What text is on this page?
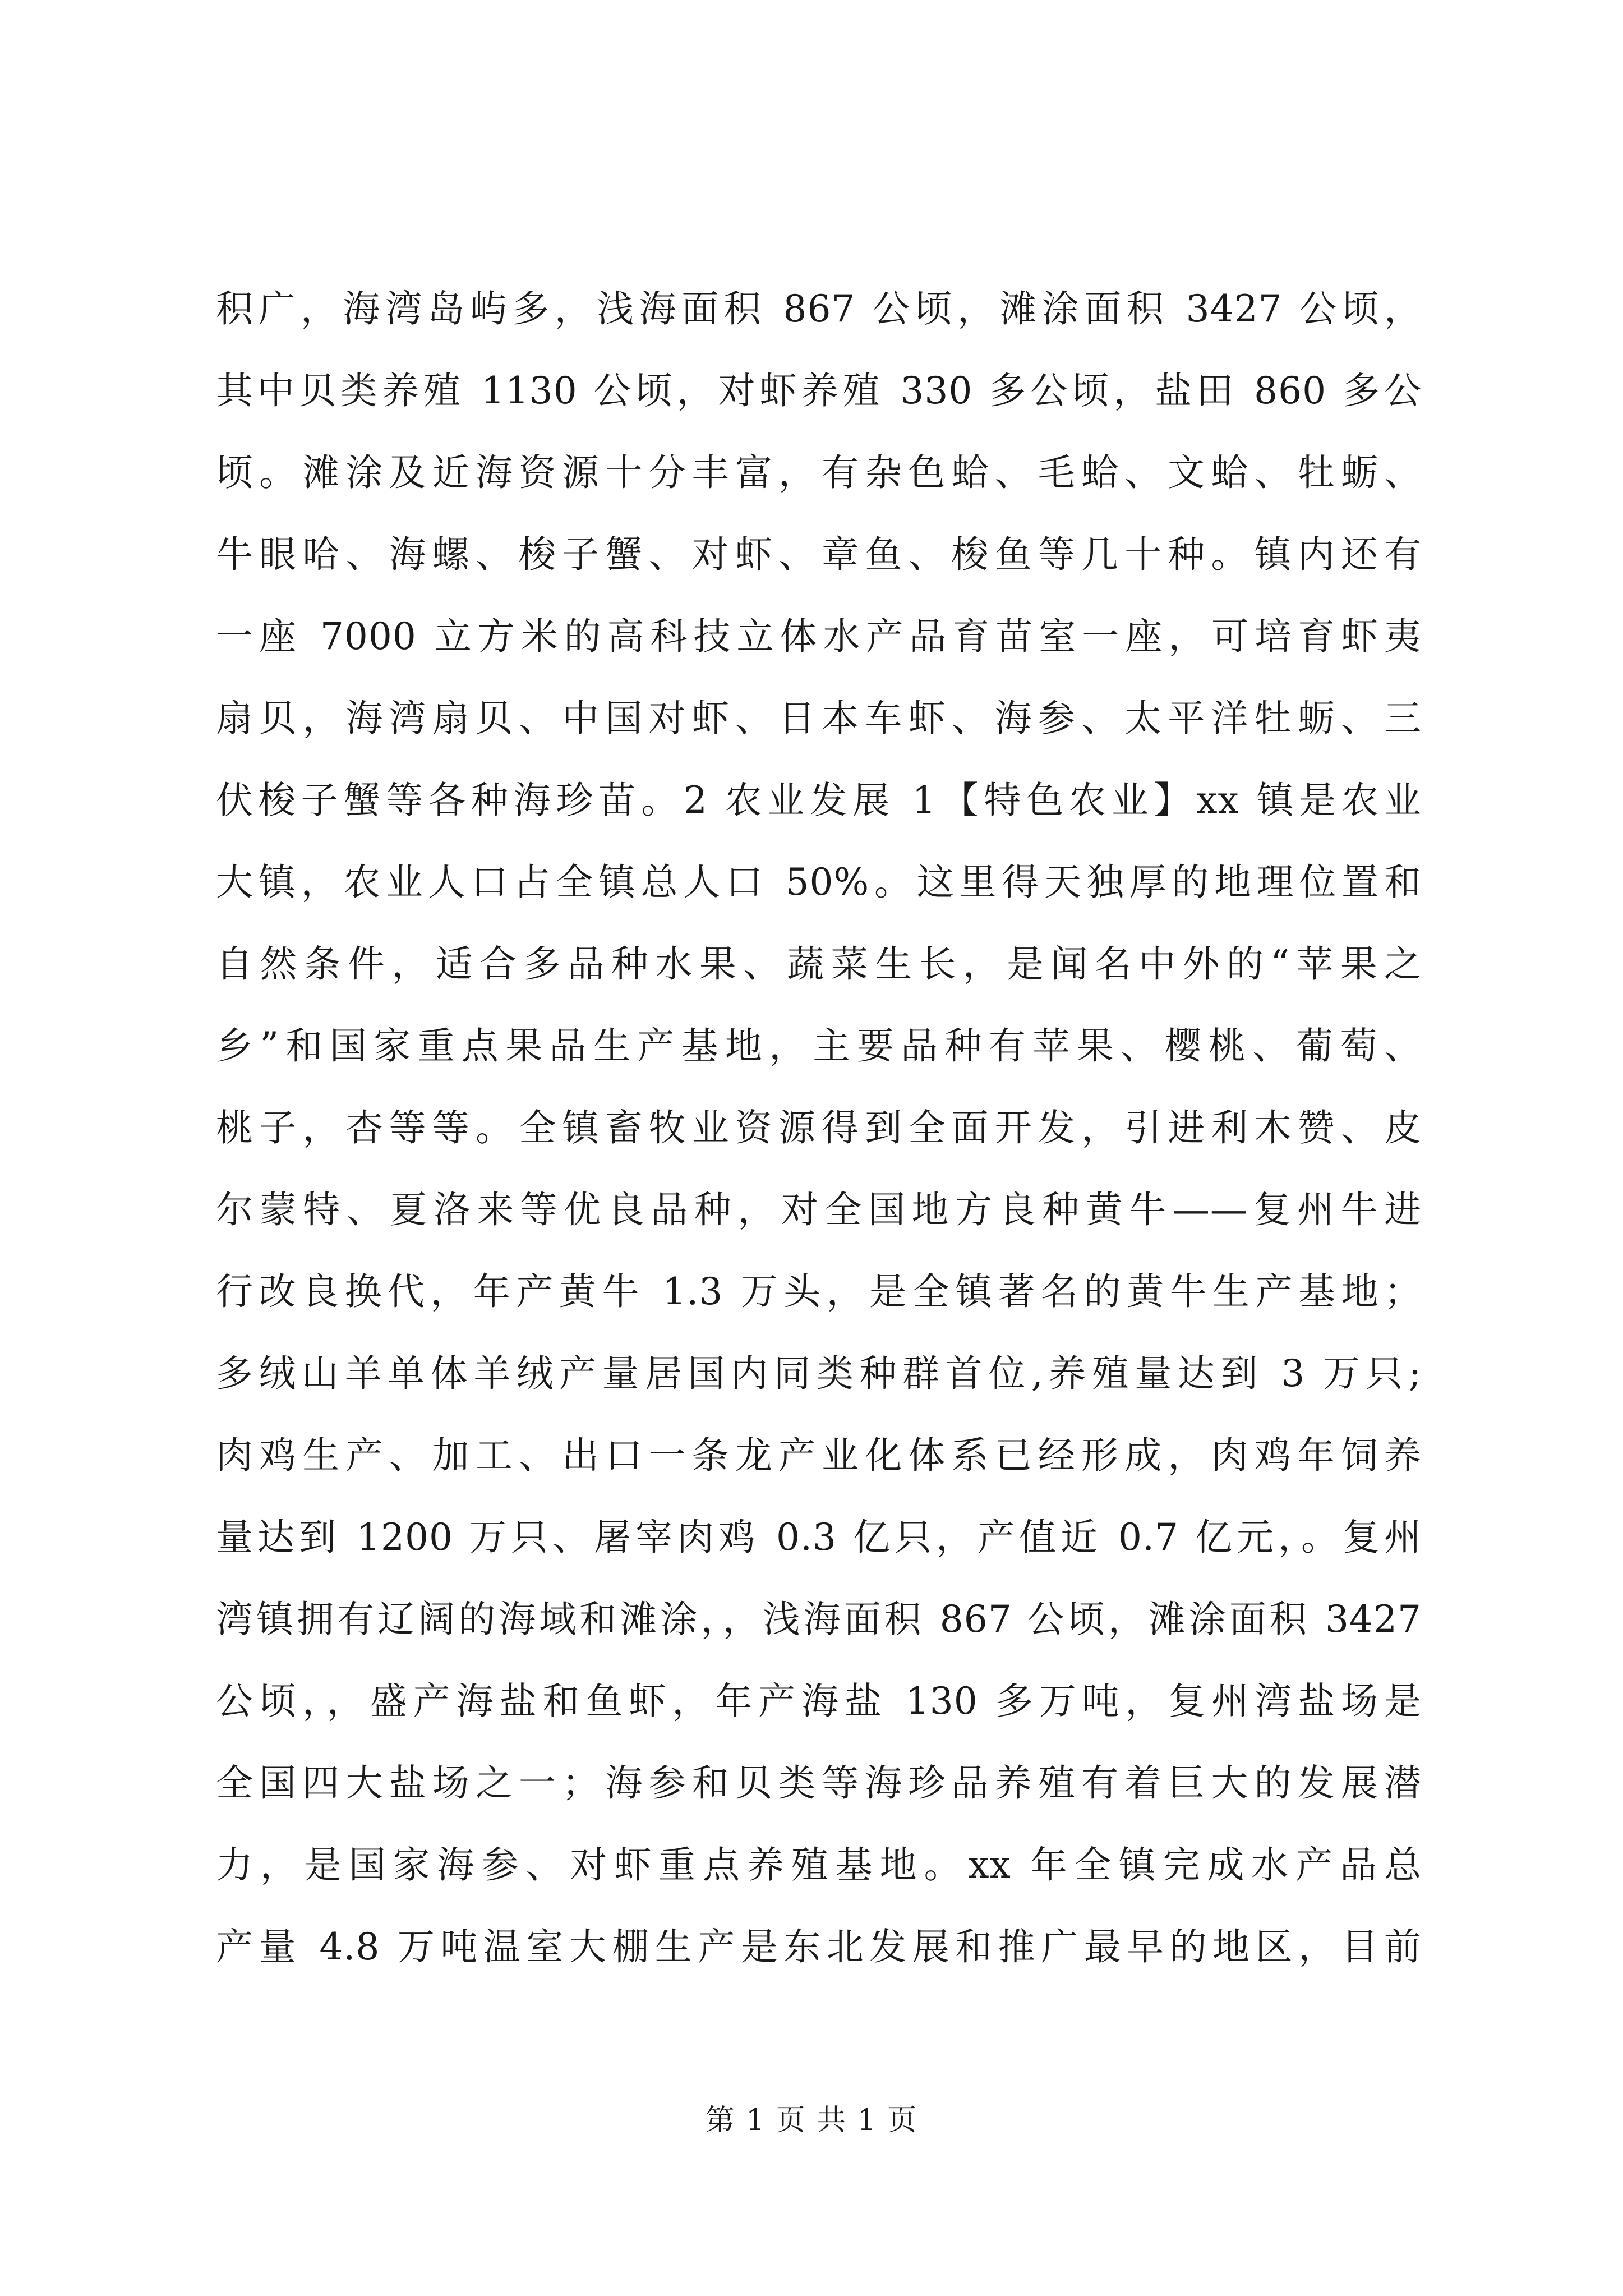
积广，海湾岛屿多，浅海面积 867 公顷，滩涂面积 3427 公顷，
其中贝类养殖 1130 公顷，对虾养殖 330 多公顷，盐田 860 多公
顷。滩涂及近海资源十分丰富，有杂色蛤、毛蛤、文蛤、牡蛎、
牛眼哈、海螺、梭子蟹、对虾、章鱼、梭鱼等几十种。镇内还有
一座 7000 立方米的高科技立体水产品育苗室一座，可培育虾夷
扇贝，海湾扇贝、中国对虾、日本车虾、海参、太平洋牡蛎、三
伏梭子蟹等各种海珍苗。2 农业发展 1【特色农业】xx 镇是农业
大镇，农业人口占全镇总人口 50%。这里得天独厚的地理位置和
自然条件，适合多品种水果、蔬菜生长，是闻名中外的“苹果之
乡”和国家重点果品生产基地，主要品种有苹果、樱桃、葡萄、
桃子，杏等等。全镇畜牧业资源得到全面开发，引进利木赞、皮
尔蒙特、夏洛来等优良品种，对全国地方良种黄牛——复州牛进
行改良换代，年产黄牛 1.3 万头，是全镇著名的黄牛生产基地；
多绒山羊单体羊绒产量居国内同类种群首位,养殖量达到 3 万只;
肉鸡生产、加工、出口一条龙产业化体系已经形成，肉鸡年饲养
量达到 1200 万只、屠宰肉鸡 0.3 亿只，产值近 0.7 亿元，。复州
湾镇拥有辽阔的海域和滩涂，，浅海面积 867 公顷，滩涂面积 3427
公顷，，盛产海盐和鱼虾，年产海盐 130 多万吨，复州湾盐场是
全国四大盐场之一；海参和贝类等海珍品养殖有着巨大的发展潜
力，是国家海参、对虾重点养殖基地。xx 年全镇完成水产品总
产量 4.8 万吨温室大棚生产是东北发展和推广最早的地区，目前
第 1 页 共 1 页
